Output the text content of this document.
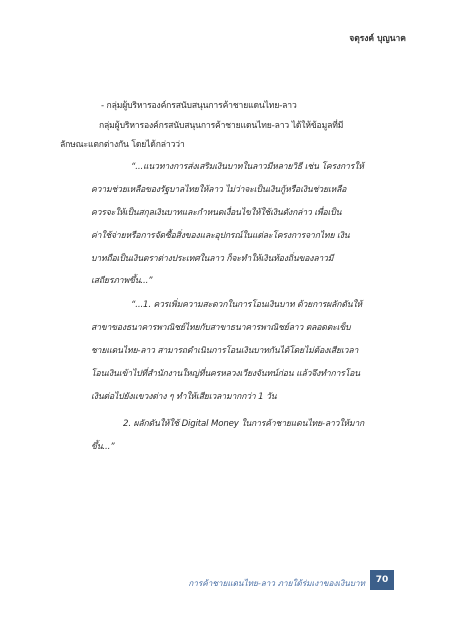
จตุรงค์ บุญนาค
- กลุ่มผู้บริหารองค์กรสนับสนุนการค้าชายแดนไทย-ลาว
กลุ่มผู้บริหารองค์กรสนับสนุนการค้าชายแดนไทย-ลาว ได้ให้ข้อมูลที่มี
ลักษณะแตกต่างกัน โดยได้กล่าวว่า
“...แนวทางการส่งเสริมเงินบาทในลาวมีหลายวิธี เช่น โครงการให้
ความช่วยเหลือของรัฐบาลไทยให้ลาว ไม่ว่าจะเป็นเงินกู้หรือเงินช่วยเหลือ
ควรจะให้เป็นสกุลเงินบาทและกำหนดเงื่อนไขให้ใช้เงินดังกล่าว เพื่อเป็น
ค่าใช้จ่ายหรือการจัดซื้อสิ่งของและอุปกรณ์ในแต่ละโครงการจากไทย เงิน
บาทถือเป็นเงินตราต่างประเทศในลาว ก็จะทำให้เงินท้องถิ่นของลาวมี
เสถียรภาพขึ้น...”
“...1. ควรเพิ่มความสะดวกในการโอนเงินบาท ด้วยการผลักดันให้
สาขาของธนาคารพาณิชย์ไทยกับสาขาธนาคารพาณิชย์ลาว ตลอดตะเข็บ
ชายแดนไทย-ลาว สามารถดำเนินการโอนเงินบาทกันได้โดยไม่ต้องเสียเวลา
โอนเงินเข้าไปที่สำนักงานใหญ่ที่นครหลวงเวียงจันทน์ก่อน แล้วจึงทำการโอน
เงินต่อไปยังแขวงต่าง ๆ ทำให้เสียเวลามากกว่า 1 วัน
2. ผลักดันให้ใช้ Digital Money ในการค้าชายแดนไทย-ลาวให้มาก
ขึ้น...”
การค้าชายแดนไทย-ลาว ภายใต้ร่มเงาของเงินบาท	70
